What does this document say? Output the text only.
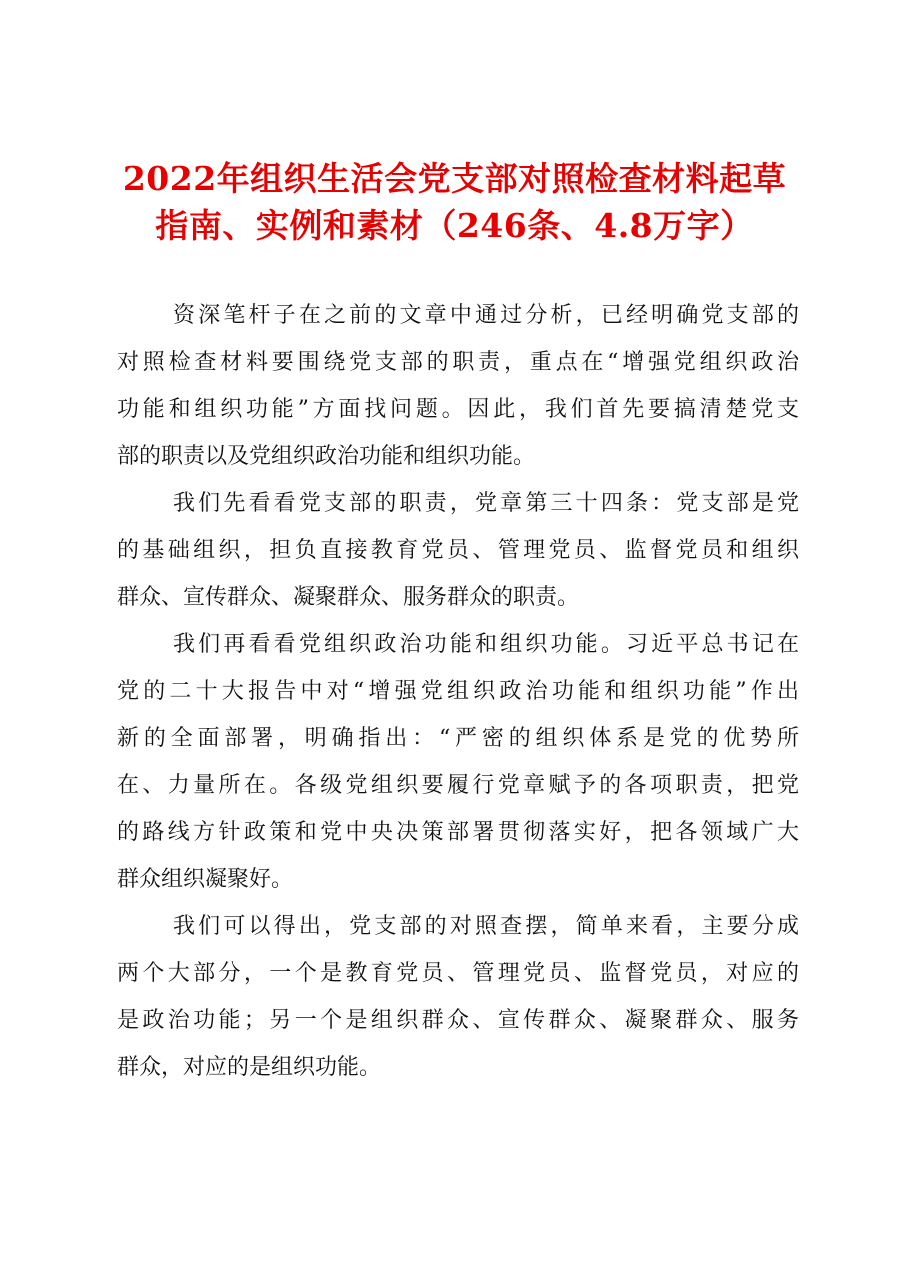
2022年组织生活会党支部对照检查材料起草
指南、实例和素材（246条、4.8万字）

资深笔杆子在之前的文章中通过分析，已经明确党支部的
对照检查材料要围绕党支部的职责，重点在“增强党组织政治
功能和组织功能”方面找问题。因此，我们首先要搞清楚党支
部的职责以及党组织政治功能和组织功能。

我们先看看党支部的职责，党章第三十四条：党支部是党
的基础组织，担负直接教育党员、管理党员、监督党员和组织
群众、宣传群众、凝聚群众、服务群众的职责。

我们再看看党组织政治功能和组织功能。习近平总书记在
党的二十大报告中对“增强党组织政治功能和组织功能”作出
新的全面部署，明确指出：“严密的组织体系是党的优势所
在、力量所在。各级党组织要履行党章赋予的各项职责，把党
的路线方针政策和党中央决策部署贯彻落实好，把各领域广大
群众组织凝聚好。

我们可以得出，党支部的对照查摆，简单来看，主要分成
两个大部分，一个是教育党员、管理党员、监督党员，对应的
是政治功能；另一个是组织群众、宣传群众、凝聚群众、服务
群众，对应的是组织功能。
